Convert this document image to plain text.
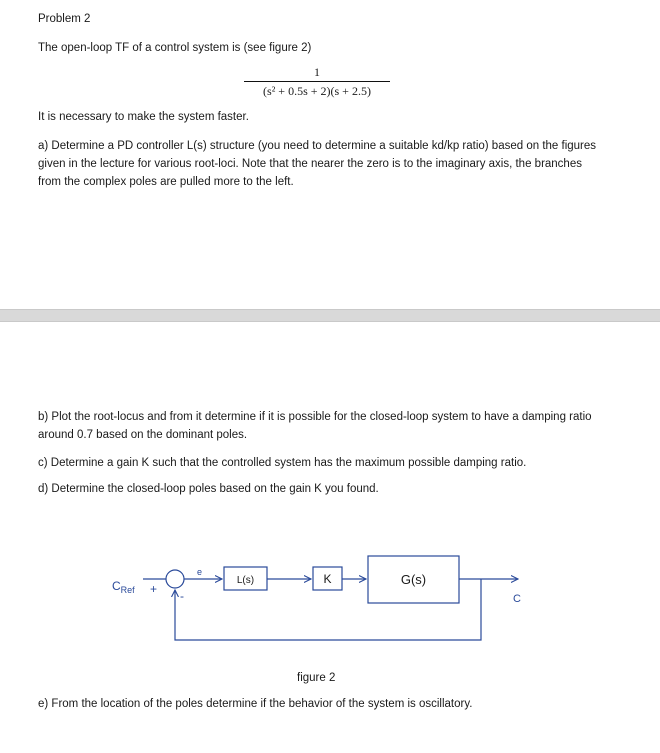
Problem 2
The open-loop TF of a control system is (see figure 2)
1
(s² + 0.5s + 2)(s + 2.5)
It is necessary to make the system faster.
a) Determine a PD controller L(s) structure (you need to determine a suitable kd/kp ratio) based on the figures given in the lecture for various root-loci. Note that the nearer the zero is to the imaginary axis, the branches from the complex poles are pulled more to the left.
b) Plot the root-locus and from it determine if it is possible for the closed-loop system to have a damping ratio around 0.7 based on the dominant poles.
c) Determine a gain K such that the controlled system has the maximum possible damping ratio.
d) Determine the closed-loop poles based on the gain K you found.
$C_{Ref}$ + -
e
L(s)	K	G(s)
C
figure 2
e) From the location of the poles determine if the behavior of the system is oscillatory.
